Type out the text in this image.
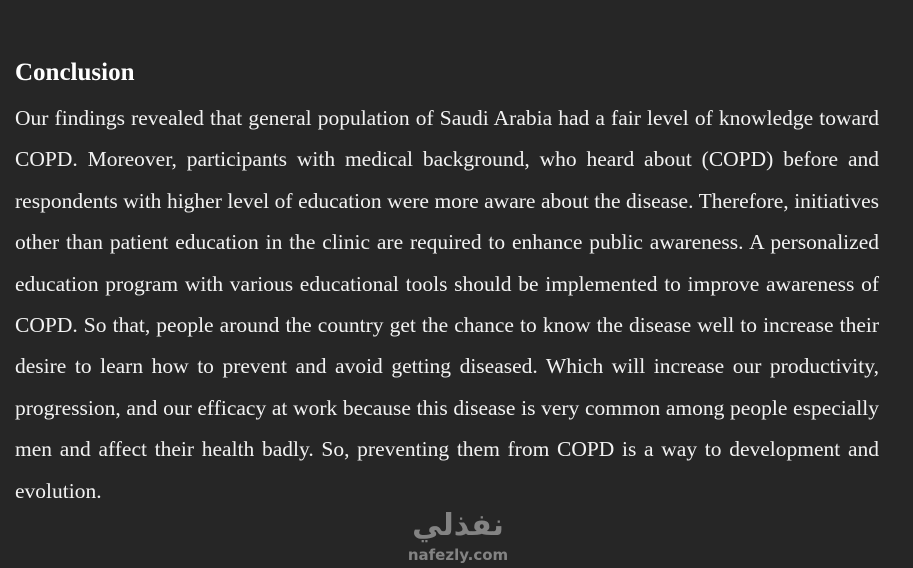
Conclusion

Our findings revealed that general population of Saudi Arabia had a fair level of knowledge toward COPD. Moreover, participants with medical background, who heard about (COPD) before and respondents with higher level of education were more aware about the disease. Therefore, initiatives other than patient education in the clinic are required to enhance public awareness. A personalized education program with various educational tools should be implemented to improve awareness of COPD. So that, people around the country get the chance to know the disease well to increase their desire to learn how to prevent and avoid getting diseased. Which will increase our productivity, progression, and our efficacy at work because this disease is very common among people especially men and affect their health badly. So, preventing them from COPD is a way to development and evolution.

نفذلي
nafezly.com
